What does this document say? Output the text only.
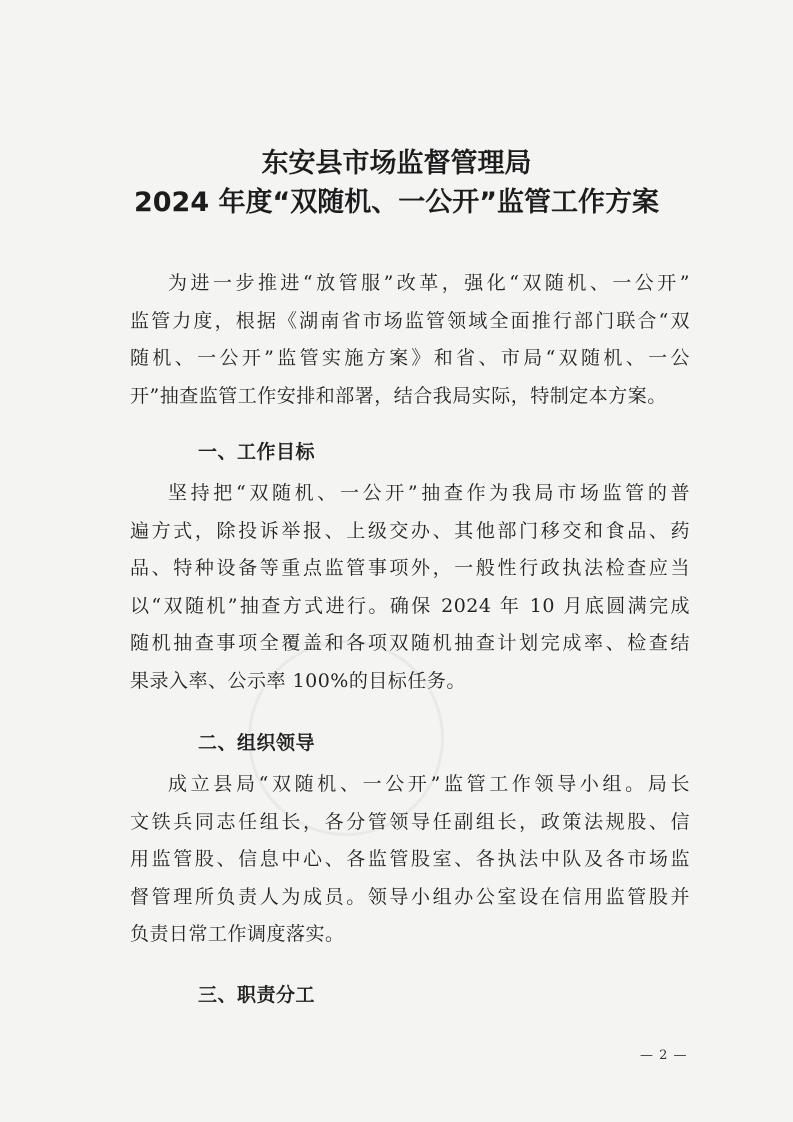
东安县市场监督管理局
2024 年度“双随机、一公开”监管工作方案
为进一步推进“放管服”改革，强化“双随机、一公开”
监管力度，根据《湖南省市场监管领域全面推行部门联合“双
随机、一公开”监管实施方案》和省、市局“双随机、一公
开”抽查监管工作安排和部署，结合我局实际，特制定本方案。
一、工作目标
坚持把“双随机、一公开”抽查作为我局市场监管的普
遍方式，除投诉举报、上级交办、其他部门移交和食品、药
品、特种设备等重点监管事项外，一般性行政执法检查应当
以“双随机”抽查方式进行。确保 2024 年 10 月底圆满完成
随机抽查事项全覆盖和各项双随机抽查计划完成率、检查结
果录入率、公示率 100%的目标任务。
二、组织领导
成立县局“双随机、一公开”监管工作领导小组。局长
文铁兵同志任组长，各分管领导任副组长，政策法规股、信
用监管股、信息中心、各监管股室、各执法中队及各市场监
督管理所负责人为成员。领导小组办公室设在信用监管股并
负责日常工作调度落实。
三、职责分工
— 2 —
